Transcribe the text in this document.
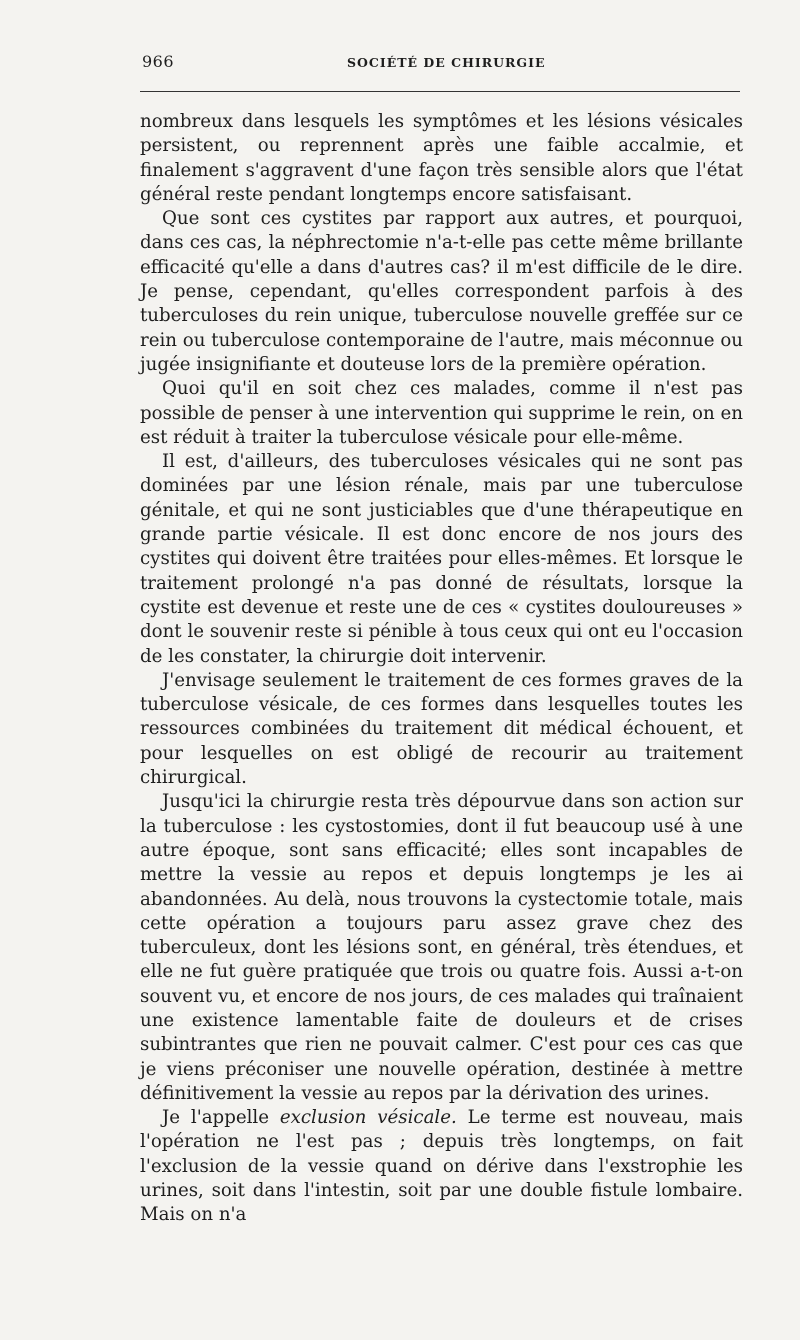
966	SOCIÉTÉ DE CHIRURGIE

nombreux dans lesquels les symptômes et les lésions vésicales persistent, ou reprennent après une faible accalmie, et finalement s'aggravent d'une façon très sensible alors que l'état général reste pendant longtemps encore satisfaisant.

Que sont ces cystites par rapport aux autres, et pourquoi, dans ces cas, la néphrectomie n'a-t-elle pas cette même brillante efficacité qu'elle a dans d'autres cas? il m'est difficile de le dire. Je pense, cependant, qu'elles correspondent parfois à des tuberculoses du rein unique, tuberculose nouvelle greffée sur ce rein ou tuberculose contemporaine de l'autre, mais méconnue ou jugée insignifiante et douteuse lors de la première opération.

Quoi qu'il en soit chez ces malades, comme il n'est pas possible de penser à une intervention qui supprime le rein, on en est réduit à traiter la tuberculose vésicale pour elle-même.

Il est, d'ailleurs, des tuberculoses vésicales qui ne sont pas dominées par une lésion rénale, mais par une tuberculose génitale, et qui ne sont justiciables que d'une thérapeutique en grande partie vésicale. Il est donc encore de nos jours des cystites qui doivent être traitées pour elles-mêmes. Et lorsque le traitement prolongé n'a pas donné de résultats, lorsque la cystite est devenue et reste une de ces « cystites douloureuses » dont le souvenir reste si pénible à tous ceux qui ont eu l'occasion de les constater, la chirurgie doit intervenir.

J'envisage seulement le traitement de ces formes graves de la tuberculose vésicale, de ces formes dans lesquelles toutes les ressources combinées du traitement dit médical échouent, et pour lesquelles on est obligé de recourir au traitement chirurgical.

Jusqu'ici la chirurgie resta très dépourvue dans son action sur la tuberculose : les cystostomies, dont il fut beaucoup usé à une autre époque, sont sans efficacité; elles sont incapables de mettre la vessie au repos et depuis longtemps je les ai abandonnées. Au delà, nous trouvons la cystectomie totale, mais cette opération a toujours paru assez grave chez des tuberculeux, dont les lésions sont, en général, très étendues, et elle ne fut guère pratiquée que trois ou quatre fois. Aussi a-t-on souvent vu, et encore de nos jours, de ces malades qui traînaient une existence lamentable faite de douleurs et de crises subintrantes que rien ne pouvait calmer. C'est pour ces cas que je viens préconiser une nouvelle opération, destinée à mettre définitivement la vessie au repos par la dérivation des urines.

Je l'appelle exclusion vésicale. Le terme est nouveau, mais l'opération ne l'est pas ; depuis très longtemps, on fait l'exclusion de la vessie quand on dérive dans l'exstrophie les urines, soit dans l'intestin, soit par une double fistule lombaire. Mais on n'a
